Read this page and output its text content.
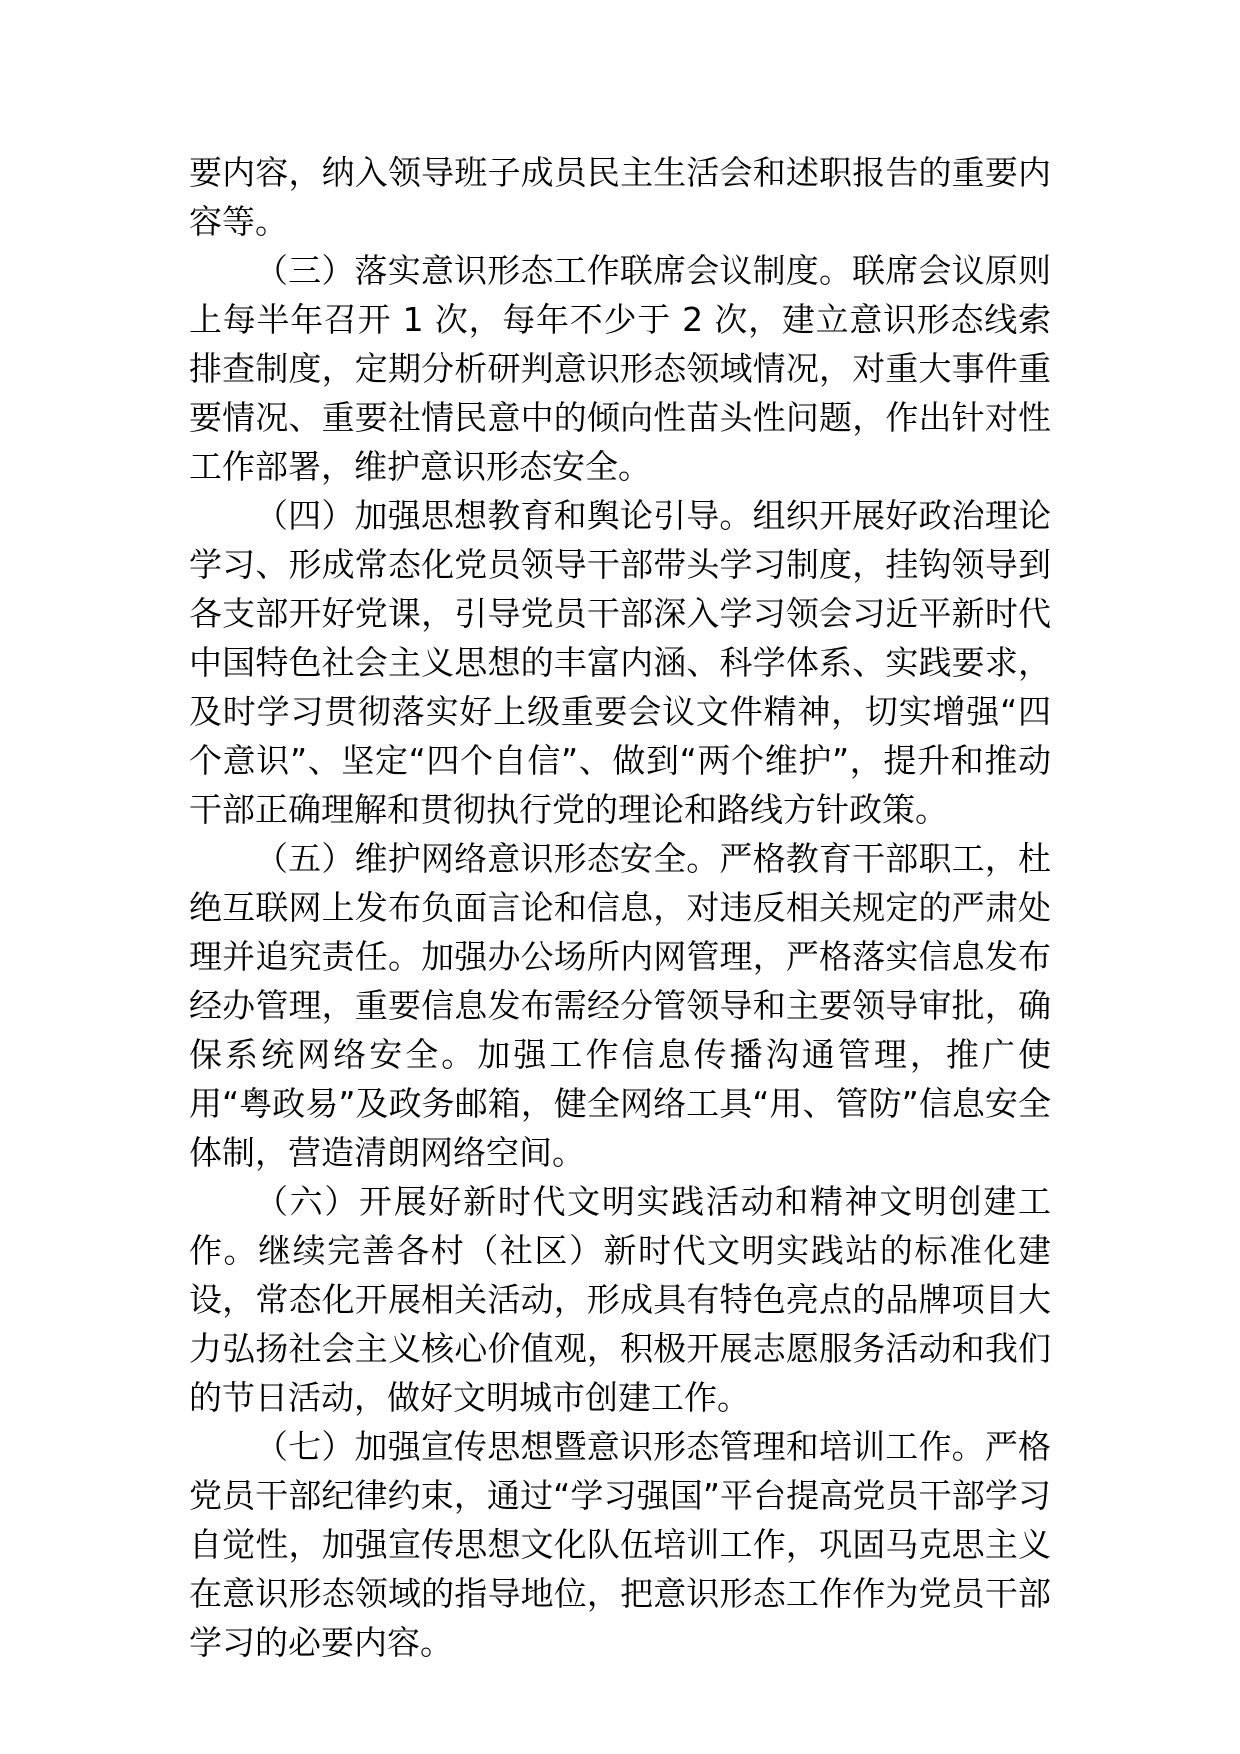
要内容，纳入领导班子成员民主生活会和述职报告的重要内容等。

（三）落实意识形态工作联席会议制度。联席会议原则上每半年召开 1 次，每年不少于 2 次，建立意识形态线索排查制度，定期分析研判意识形态领域情况，对重大事件重要情况、重要社情民意中的倾向性苗头性问题，作出针对性工作部署，维护意识形态安全。

（四）加强思想教育和舆论引导。组织开展好政治理论学习、形成常态化党员领导干部带头学习制度，挂钩领导到各支部开好党课，引导党员干部深入学习领会习近平新时代中国特色社会主义思想的丰富内涵、科学体系、实践要求，及时学习贯彻落实好上级重要会议文件精神，切实增强“四个意识”、坚定“四个自信”、做到“两个维护”，提升和推动干部正确理解和贯彻执行党的理论和路线方针政策。

（五）维护网络意识形态安全。严格教育干部职工，杜绝互联网上发布负面言论和信息，对违反相关规定的严肃处理并追究责任。加强办公场所内网管理，严格落实信息发布经办管理，重要信息发布需经分管领导和主要领导审批，确保系统网络安全。加强工作信息传播沟通管理，推广使用“粤政易”及政务邮箱，健全网络工具“用、管防”信息安全体制，营造清朗网络空间。

（六）开展好新时代文明实践活动和精神文明创建工作。继续完善各村（社区）新时代文明实践站的标准化建设，常态化开展相关活动，形成具有特色亮点的品牌项目大力弘扬社会主义核心价值观，积极开展志愿服务活动和我们的节日活动，做好文明城市创建工作。

（七）加强宣传思想暨意识形态管理和培训工作。严格党员干部纪律约束，通过“学习强国”平台提高党员干部学习自觉性，加强宣传思想文化队伍培训工作，巩固马克思主义在意识形态领域的指导地位，把意识形态工作作为党员干部学习的必要内容。
